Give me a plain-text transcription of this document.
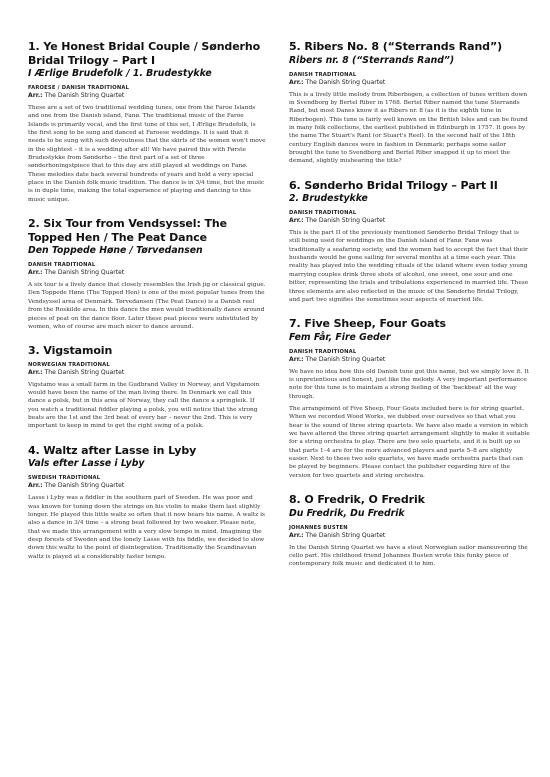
1. Ye Honest Bridal Couple / Sønderho Bridal Trilogy – Part I
I Ærlige Brudefolk / 1. Brudestykke
FAROESE / DANISH TRADITIONAL
Arr.: The Danish String Quartet

These are a set of two traditional wedding tunes, one from the Faroe Islands and one from the Danish island, Fanø. The traditional music of the Faroe Islands is primarily vocal, and the first tune of this set, I Ærlige Brudefolk, is the first song to be sung and danced at Faroese weddings. It is said that it needs to be sung with such devoutness that the skirts of the women won't move in the slightest – it is a wedding after all! We have paired this with Første Brudestykke from Sønderho – the first part of a set of three sønderhoningstpiece that to this day are still played at weddings on Fanø. These melodies date back several hundreds of years and hold a very special place in the Danish folk music tradition. The dance is in 3/4 time, but the music is in duple time, making the total experience of playing and dancing to this music unique.

2. Six Tour from Vendsyssel: The Topped Hen / The Peat Dance
Den Toppede Høne / Tørvedansen
DANISH TRADITIONAL
Arr.: The Danish String Quartet

A six tour is a lively dance that closely resembles the Irish jig or classical gigue. Den Toppede Høne (The Topped Hen) is one of the most popular tunes from the Vendsyssel area of Denmark. Tørvedansen (The Peat Dance) is a Danish reel from the Roskilde area. In this dance the men would traditionally dance around pieces of peat on the dance floor. Later these peat pieces were substituted by women, who of course are much nicer to dance around.

3. Vigstamoin
NORWEGIAN TRADITIONAL
Arr.: The Danish String Quartet

Vigstamo was a small farm in the Gudbrand Valley in Norway, and Vigstamoin would have been the name of the man living there. In Denmark we call this dance a polsk, but in this area of Norway, they call the dance a springleik. If you watch a traditional fiddler playing a polsk, you will notice that the strong beats are the 1st and the 3rd beat of every bar – never the 2nd. This is very important to keep in mind to get the right swing of a polsk.

4. Waltz after Lasse in Lyby
Vals efter Lasse i Lyby
SWEDISH TRADITIONAL
Arr.: The Danish String Quartet

Lasse i Lyby was a fiddler in the southern part of Sweden. He was poor and was known for tuning down the strings on his violin to make them last slightly longer. He played this little waltz so often that it now bears his name. A waltz is also a dance in 3/4 time – a strong beat followed by two weaker. Please note, that we made this arrangement with a very slow tempo in mind. Imagining the deep forests of Sweden and the lonely Lasse with his fiddle, we decided to slow down this waltz to the point of disintegration. Traditionally the Scandinavian waltz is played at a considerably faster tempo.

5. Ribers No. 8 (“Sterrands Rand”)
Ribers nr. 8 (“Sterrands Rand”)
DANISH TRADITIONAL
Arr.: The Danish String Quartet

This is a lively little melody from Riberbogen, a collection of tunes written down in Svendborg by Bertel Riber in 1768. Bertel Riber named the tune Sterrands Rand, but most Danes know it as Ribers nr. 8 (as it is the eighth tune in Riberbogen). This tune is fairly well known on the British Isles and can be found in many folk collections, the earliest published in Edinburgh in 1757. It goes by the name The Stuart's Rant (or Stuart's Reel). In the second half of the 18th century English dances were in fashion in Denmark; perhaps some sailor brought the tune to Svendborg and Bertel Riber snapped it up to meet the demand, slightly mishearing the title?

6. Sønderho Bridal Trilogy – Part II
2. Brudestykke
DANISH TRADITIONAL
Arr.: The Danish String Quartet

This is the part II of the previously mentioned Sønderho Bridal Trilogy that is still being used for weddings on the Danish island of Fanø. Fanø was traditionally a seafaring society, and the women had to accept the fact that their husbands would be gone sailing for several months at a time each year. This reality has played into the wedding rituals of the island where even today young marrying couples drink three shots of alcohol, one sweet, one sour and one bitter, representing the trials and tribulations experienced in married life. These three elements are also reflected in the music of the Sønderho Bridal Trilogy, and part two signifies the sometimes sour aspects of married life.

7. Five Sheep, Four Goats
Fem Får, Fire Geder
DANISH TRADITIONAL
Arr.: The Danish String Quartet

We have no idea how this old Danish tune got this name, but we simply love it. It is unpretentious and honest, just like the melody. A very important performance note for this tune is to maintain a strong feeling of the 'backbeat' all the way through.

The arrangement of Five Sheep, Four Goats included here is for string quartet. When we recorded Wood Works, we dubbed over ourselves so that what you hear is the sound of three string quartets. We have also made a version in which we have altered the three string quartet arrangement slightly to make it suitable for a string orchestra to play. There are two solo quartets, and it is built up so that parts 1–4 are for the more advanced players and parts 5–8 are slightly easier. Next to these two solo quartets, we have made orchestra parts that can be played by beginners. Please contact the publisher regarding hire of the version for two quartets and string orchestra.

8. O Fredrik, O Fredrik
Du Fredrik, Du Fredrik
JOHANNES BUSTEN
Arr.: The Danish String Quartet

In the Danish String Quartet we have a stout Norwegian sailor maneuvering the cello part. His childhood friend Johannes Busten wrote this funky piece of contemporary folk music and dedicated it to him.
